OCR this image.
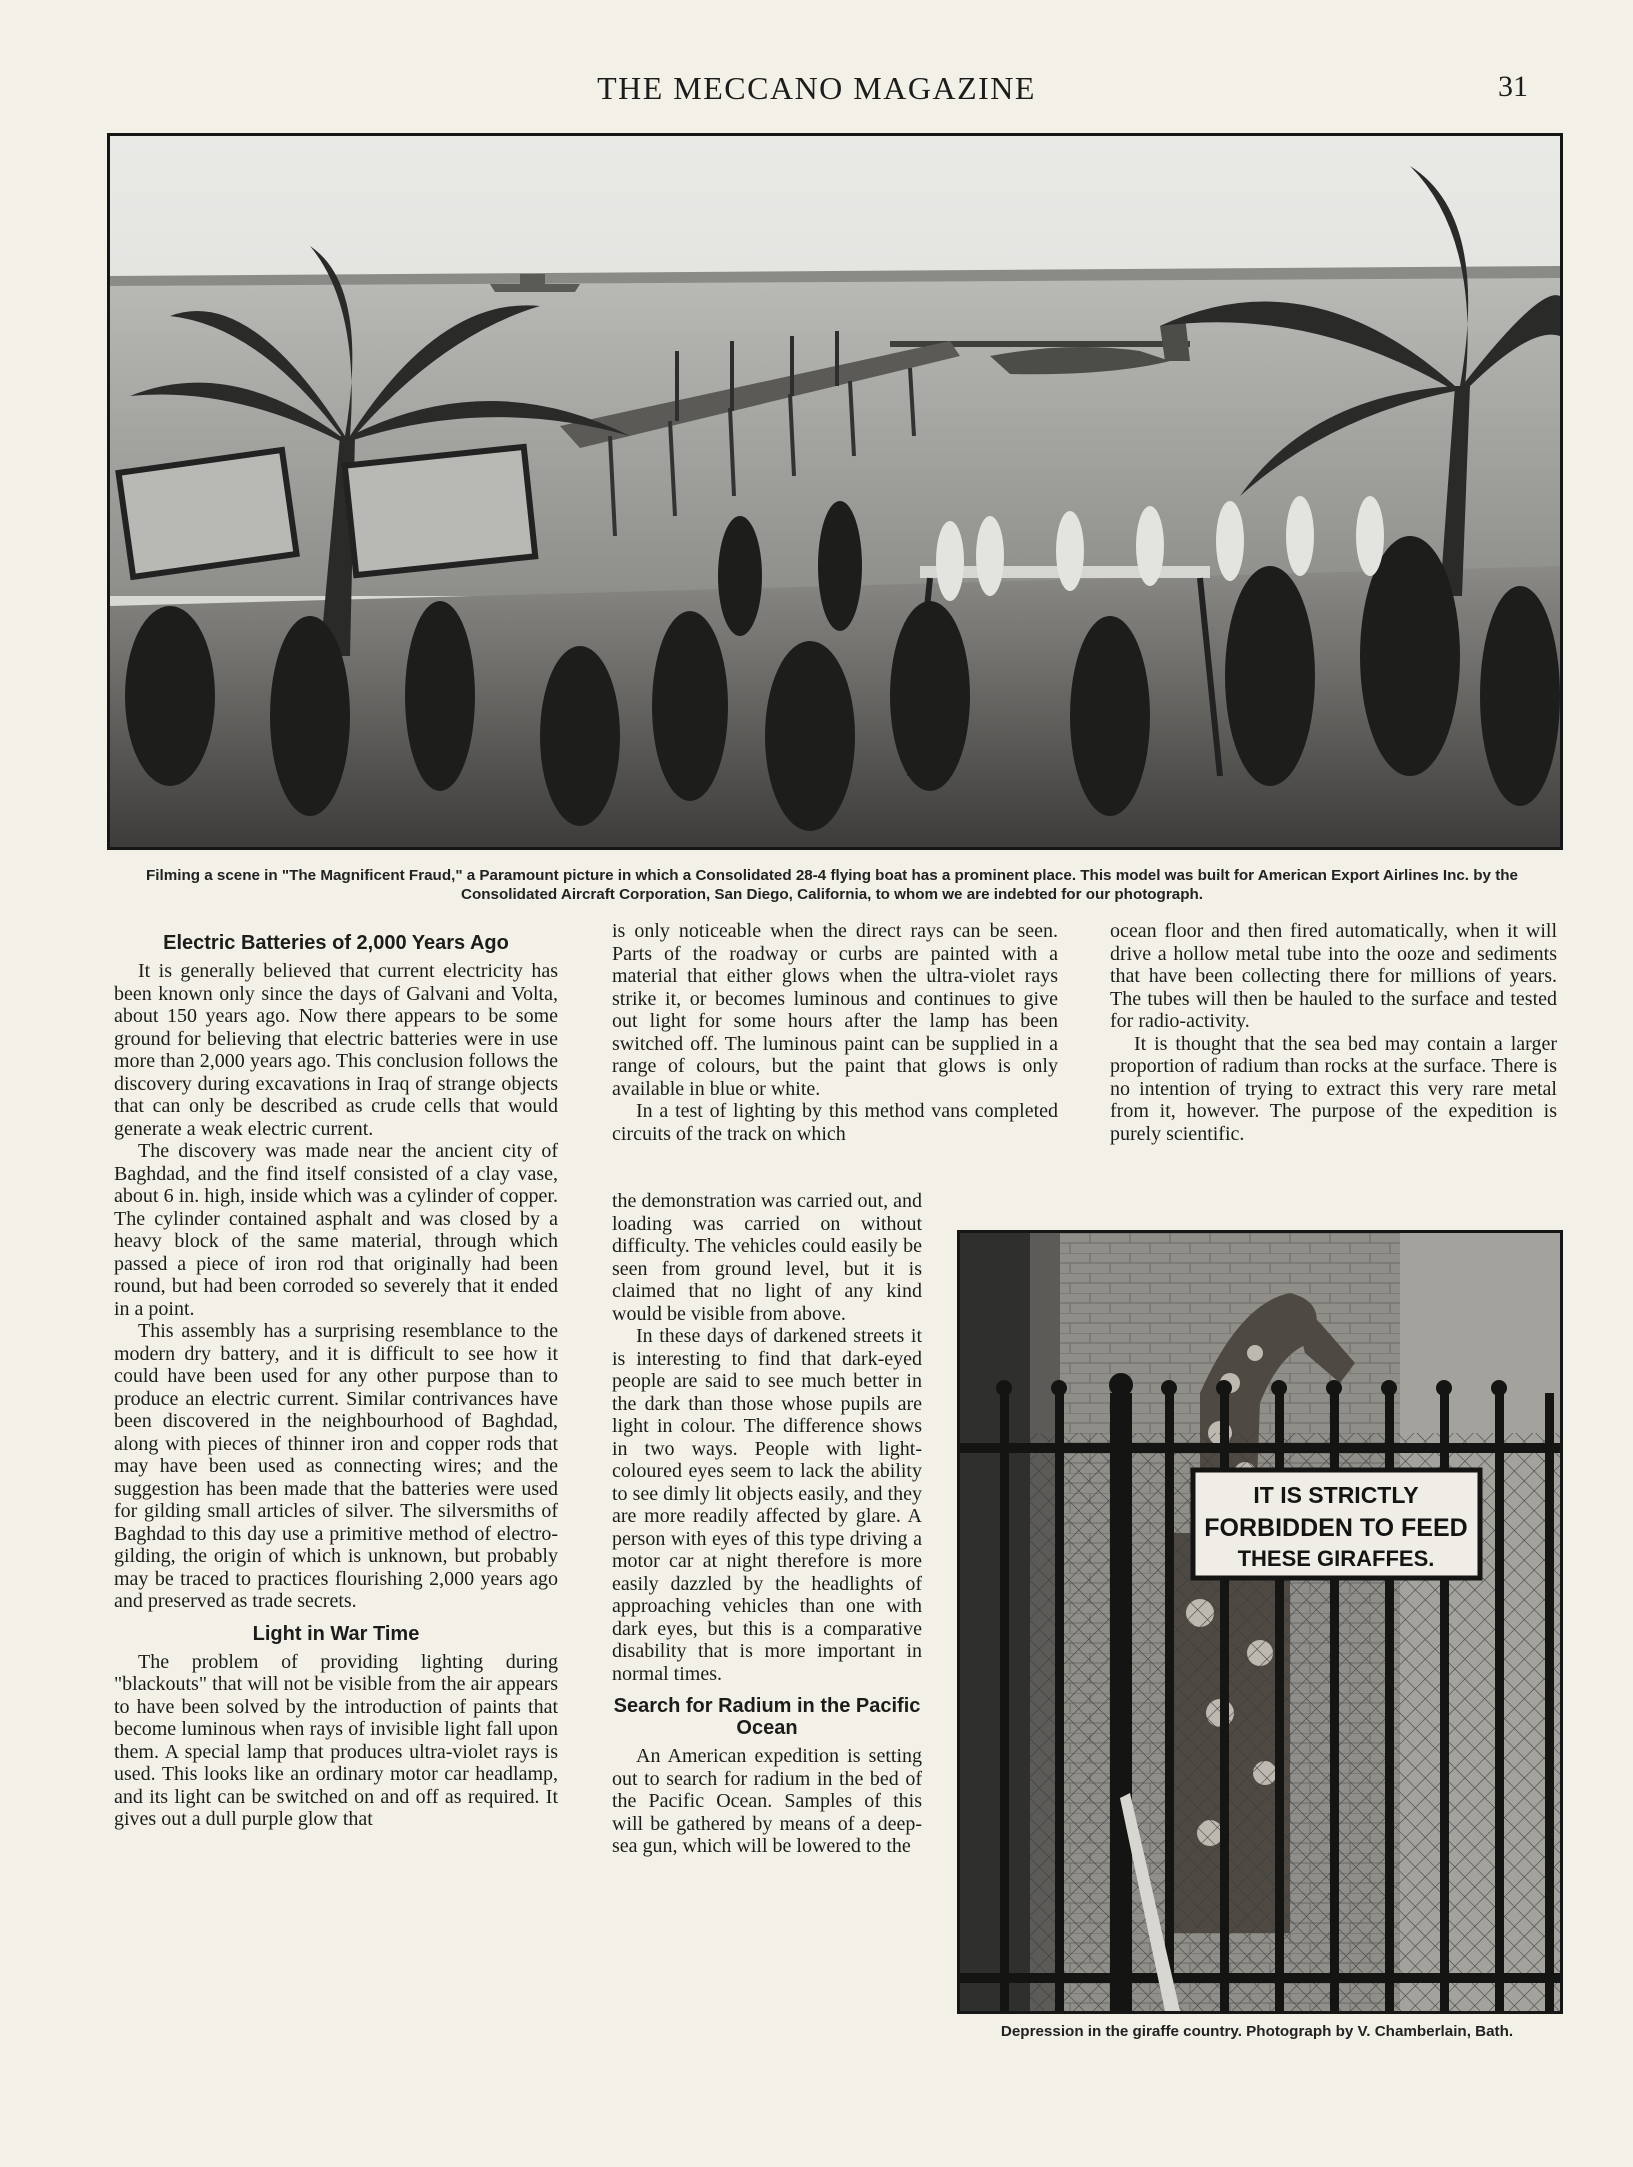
THE MECCANO MAGAZINE	31
Filming a scene in "The Magnificent Fraud," a Paramount picture in which a Consolidated 28-4 flying boat has a prominent place. This model was built for American Export Airlines Inc. by the Consolidated Aircraft Corporation, San Diego, California, to whom we are indebted for our photograph.
Electric Batteries of 2,000 Years Ago

It is generally believed that current electricity has been known only since the days of Galvani and Volta, about 150 years ago. Now there appears to be some ground for believing that electric batteries were in use more than 2,000 years ago. This conclusion follows the discovery during excavations in Iraq of strange objects that can only be described as crude cells that would generate a weak electric current.

The discovery was made near the ancient city of Baghdad, and the find itself consisted of a clay vase, about 6 in. high, inside which was a cylinder of copper. The cylinder contained asphalt and was closed by a heavy block of the same material, through which passed a piece of iron rod that originally had been round, but had been corroded so severely that it ended in a point.

This assembly has a surprising resemblance to the modern dry battery, and it is difficult to see how it could have been used for any other purpose than to produce an electric current. Similar contrivances have been discovered in the neighbourhood of Baghdad, along with pieces of thinner iron and copper rods that may have been used as connecting wires; and the suggestion has been made that the batteries were used for gilding small articles of silver. The silversmiths of Baghdad to this day use a primitive method of electro-gilding, the origin of which is unknown, but probably may be traced to practices flourishing 2,000 years ago and preserved as trade secrets.

Light in War Time

The problem of providing lighting during "blackouts" that will not be visible from the air appears to have been solved by the introduction of paints that become luminous when rays of invisible light fall upon them. A special lamp that produces ultra-violet rays is used. This looks like an ordinary motor car headlamp, and its light can be switched on and off as required. It gives out a dull purple glow that

is only noticeable when the direct rays can be seen. Parts of the roadway or curbs are painted with a material that either glows when the ultra-violet rays strike it, or becomes luminous and continues to give out light for some hours after the lamp has been switched off. The luminous paint can be supplied in a range of colours, but the paint that glows is only available in blue or white.

In a test of lighting by this method vans completed circuits of the track on which

the demonstration was carried out, and loading was carried on without difficulty. The vehicles could easily be seen from ground level, but it is claimed that no light of any kind would be visible from above.

In these days of darkened streets it is interesting to find that dark-eyed people are said to see much better in the dark than those whose pupils are light in colour. The difference shows in two ways. People with light-coloured eyes seem to lack the ability to see dimly lit objects easily, and they are more readily affected by glare. A person with eyes of this type driving a motor car at night therefore is more easily dazzled by the headlights of approaching vehicles than one with dark eyes, but this is a comparative disability that is more important in normal times.

Search for Radium in the Pacific Ocean

An American expedition is setting out to search for radium in the bed of the Pacific Ocean. Samples of this will be gathered by means of a deep-sea gun, which will be lowered to the

ocean floor and then fired automatically, when it will drive a hollow metal tube into the ooze and sediments that have been collecting there for millions of years. The tubes will then be hauled to the surface and tested for radio-activity.

It is thought that the sea bed may contain a larger proportion of radium than rocks at the surface. There is no intention of trying to extract this very rare metal from it, however. The purpose of the expedition is purely scientific.

IT IS STRICTLY
FORBIDDEN TO FEED
THESE GIRAFFES.
Depression in the giraffe country. Photograph by V. Chamberlain, Bath.
